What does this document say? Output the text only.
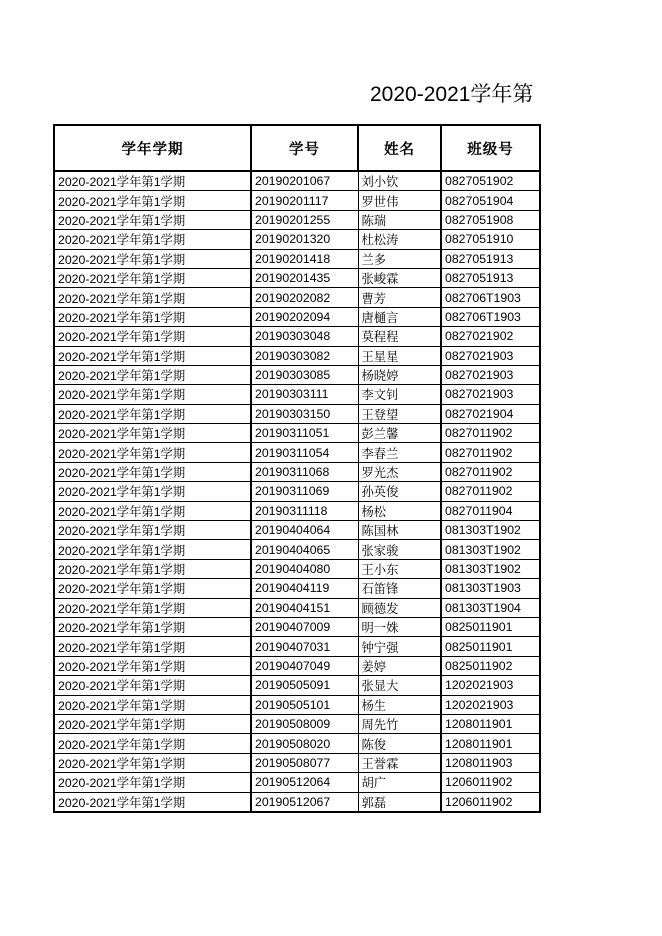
2020-2021学年第
学年学期	学号	姓名	班级号
2020-2021学年第1学期	20190201067	刘小钦	0827051902
2020-2021学年第1学期	20190201117	罗世伟	0827051904
2020-2021学年第1学期	20190201255	陈瑞	0827051908
2020-2021学年第1学期	20190201320	杜松涛	0827051910
2020-2021学年第1学期	20190201418	兰多	0827051913
2020-2021学年第1学期	20190201435	张峻霖	0827051913
2020-2021学年第1学期	20190202082	曹芳	082706T1903
2020-2021学年第1学期	20190202094	唐樋言	082706T1903
2020-2021学年第1学期	20190303048	莫程程	0827021902
2020-2021学年第1学期	20190303082	王星星	0827021903
2020-2021学年第1学期	20190303085	杨晓婷	0827021903
2020-2021学年第1学期	20190303111	李文钊	0827021903
2020-2021学年第1学期	20190303150	王登望	0827021904
2020-2021学年第1学期	20190311051	彭兰馨	0827011902
2020-2021学年第1学期	20190311054	李春兰	0827011902
2020-2021学年第1学期	20190311068	罗光杰	0827011902
2020-2021学年第1学期	20190311069	孙英俊	0827011902
2020-2021学年第1学期	20190311118	杨松	0827011904
2020-2021学年第1学期	20190404064	陈国林	081303T1902
2020-2021学年第1学期	20190404065	张家骏	081303T1902
2020-2021学年第1学期	20190404080	王小东	081303T1902
2020-2021学年第1学期	20190404119	石笛锋	081303T1903
2020-2021学年第1学期	20190404151	顾德发	081303T1904
2020-2021学年第1学期	20190407009	明一姝	0825011901
2020-2021学年第1学期	20190407031	钟宁强	0825011901
2020-2021学年第1学期	20190407049	姜婷	0825011902
2020-2021学年第1学期	20190505091	张显大	1202021903
2020-2021学年第1学期	20190505101	杨生	1202021903
2020-2021学年第1学期	20190508009	周先竹	1208011901
2020-2021学年第1学期	20190508020	陈俊	1208011901
2020-2021学年第1学期	20190508077	王誉霖	1208011903
2020-2021学年第1学期	20190512064	胡广	1206011902
2020-2021学年第1学期	20190512067	郭磊	1206011902
